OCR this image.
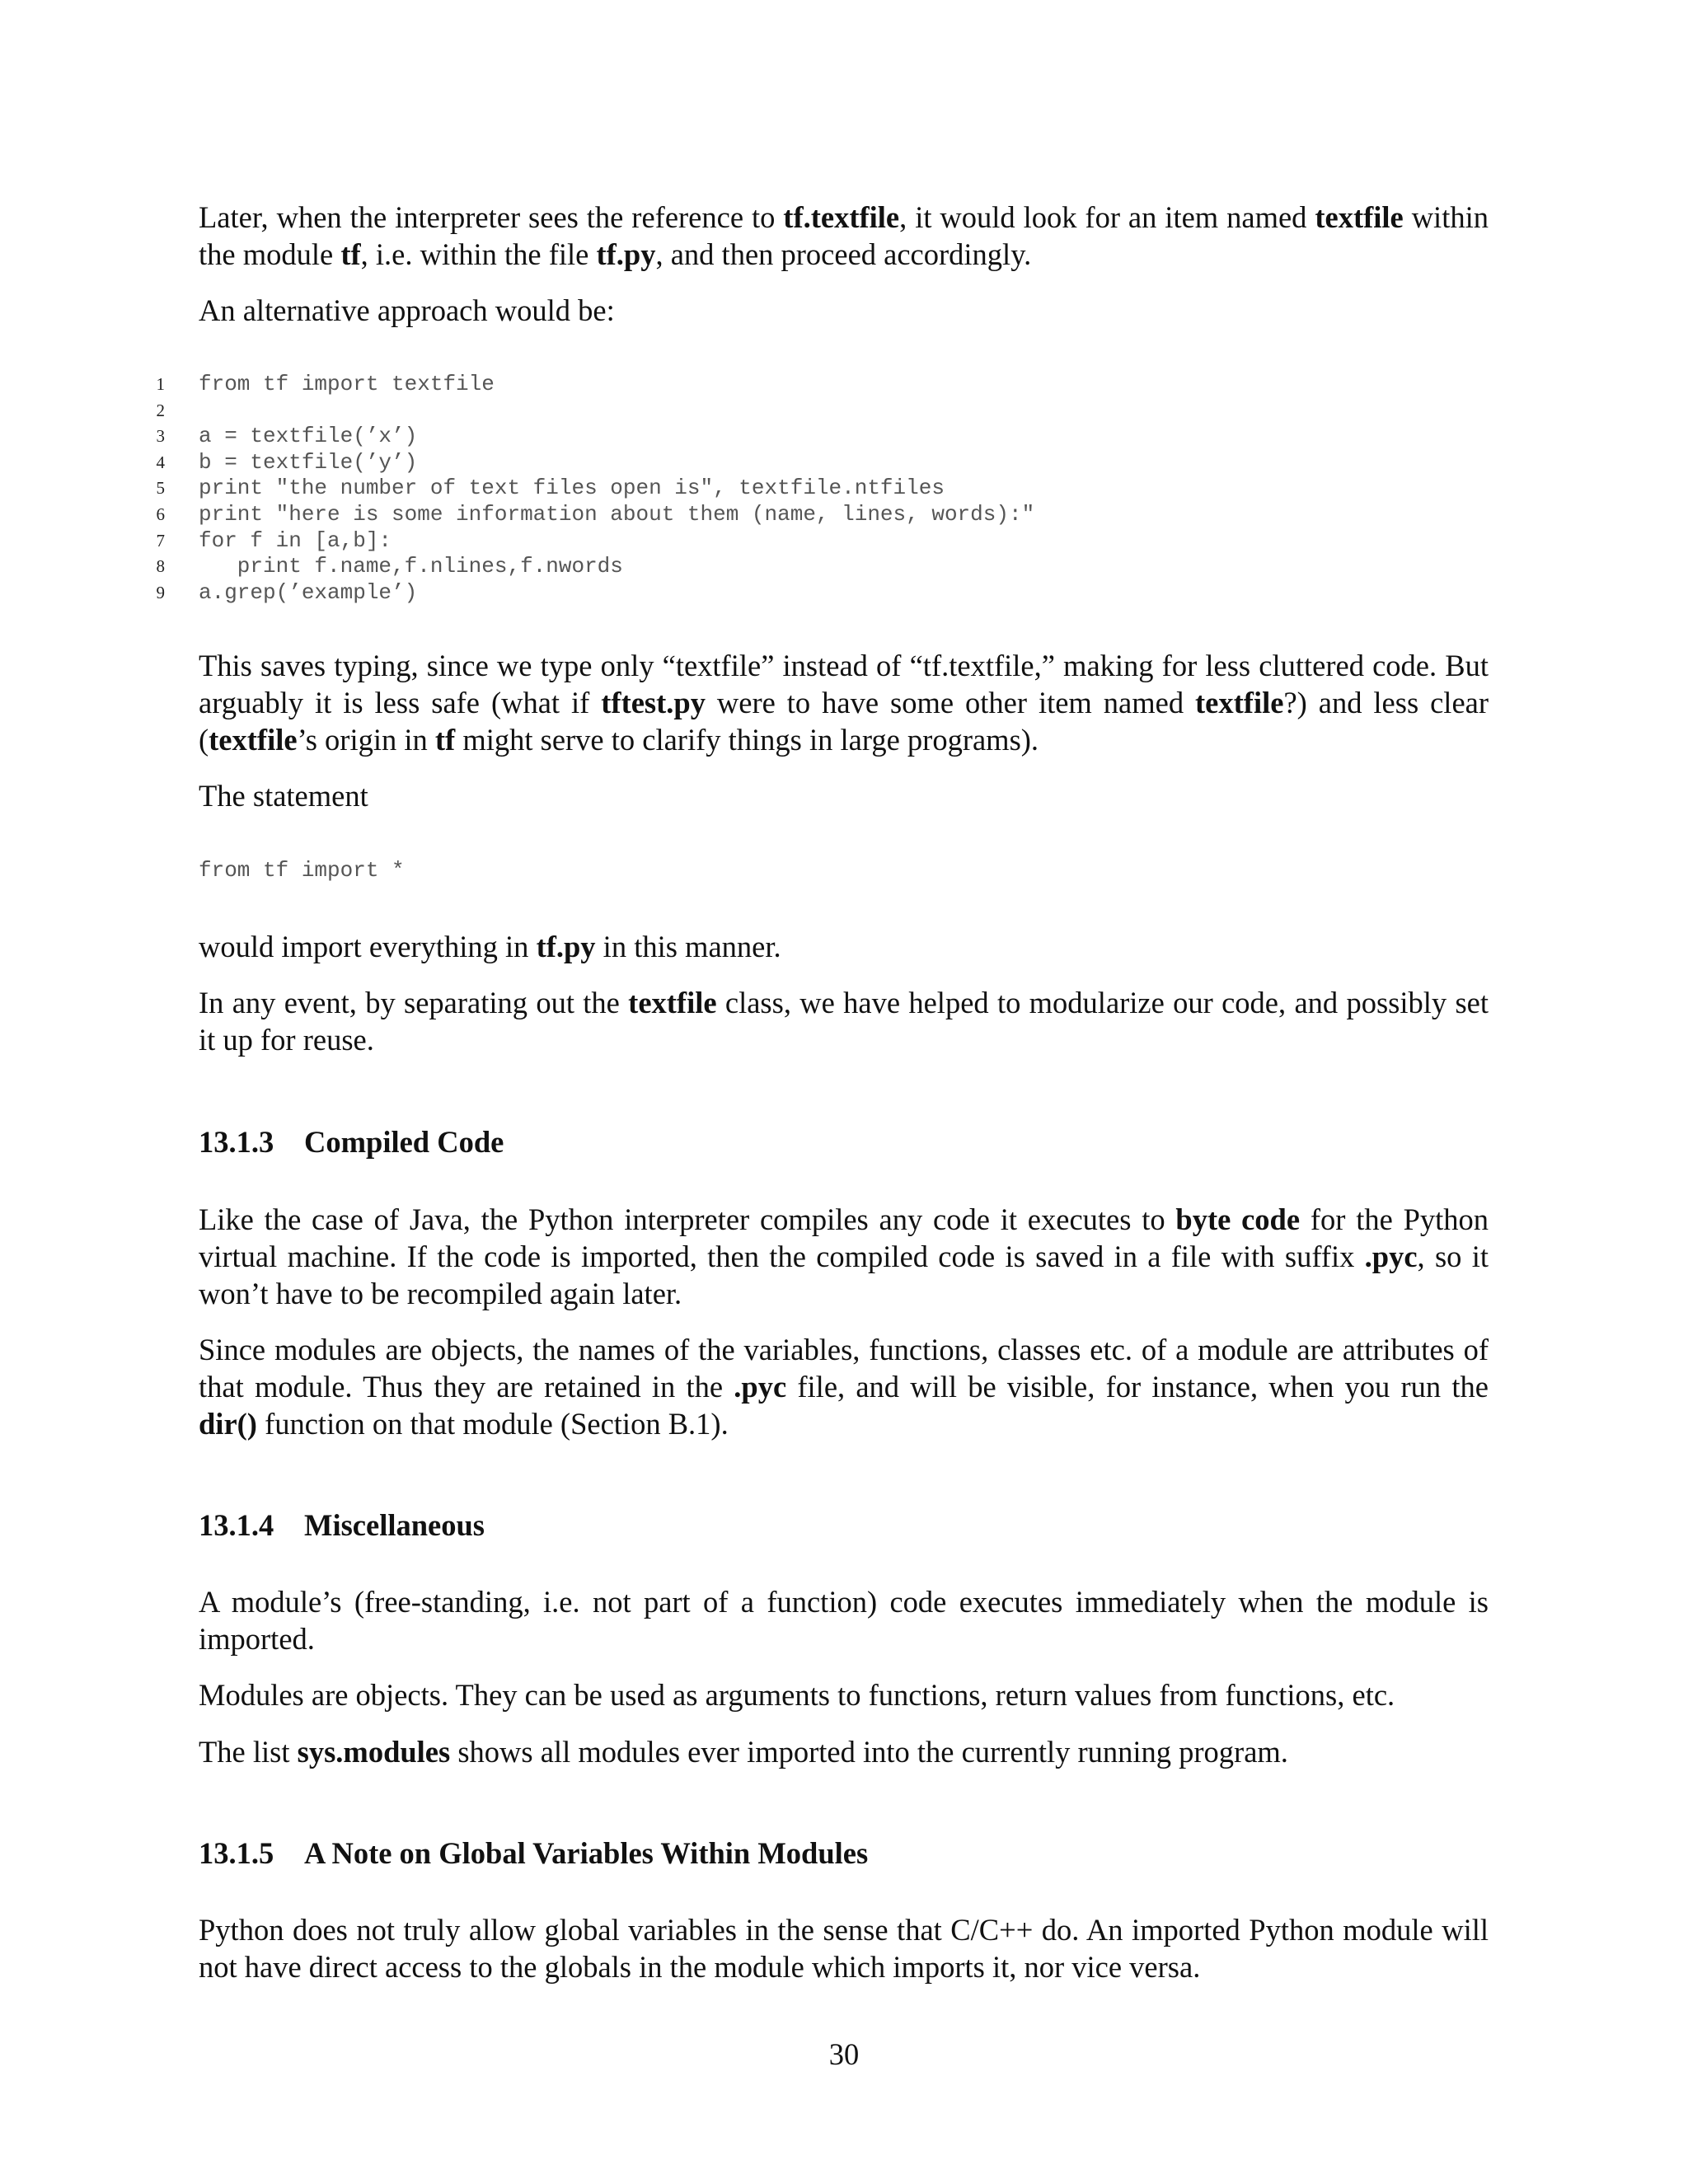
Later, when the interpreter sees the reference to tf.textfile, it would look for an item named textfile within the module tf, i.e. within the file tf.py, and then proceed accordingly.

An alternative approach would be:

1 from tf import textfile
2
3 a = textfile(’x’)
4 b = textfile(’y’)
5 print "the number of text files open is", textfile.ntfiles
6 print "here is some information about them (name, lines, words):"
7 for f in [a,b]:
8 print f.name,f.nlines,f.nwords
9 a.grep(’example’)

This saves typing, since we type only “textfile” instead of “tf.textfile,” making for less cluttered code. But arguably it is less safe (what if tftest.py were to have some other item named textfile?) and less clear (textfile’s origin in tf might serve to clarify things in large programs).

The statement

from tf import *

would import everything in tf.py in this manner.

In any event, by separating out the textfile class, we have helped to modularize our code, and possibly set it up for reuse.

13.1.3 Compiled Code

Like the case of Java, the Python interpreter compiles any code it executes to byte code for the Python virtual machine. If the code is imported, then the compiled code is saved in a file with suffix .pyc, so it won’t have to be recompiled again later.

Since modules are objects, the names of the variables, functions, classes etc. of a module are attributes of that module. Thus they are retained in the .pyc file, and will be visible, for instance, when you run the dir() function on that module (Section B.1).

13.1.4 Miscellaneous

A module’s (free-standing, i.e. not part of a function) code executes immediately when the module is imported.

Modules are objects. They can be used as arguments to functions, return values from functions, etc.

The list sys.modules shows all modules ever imported into the currently running program.

13.1.5 A Note on Global Variables Within Modules

Python does not truly allow global variables in the sense that C/C++ do. An imported Python module will not have direct access to the globals in the module which imports it, nor vice versa.

30
